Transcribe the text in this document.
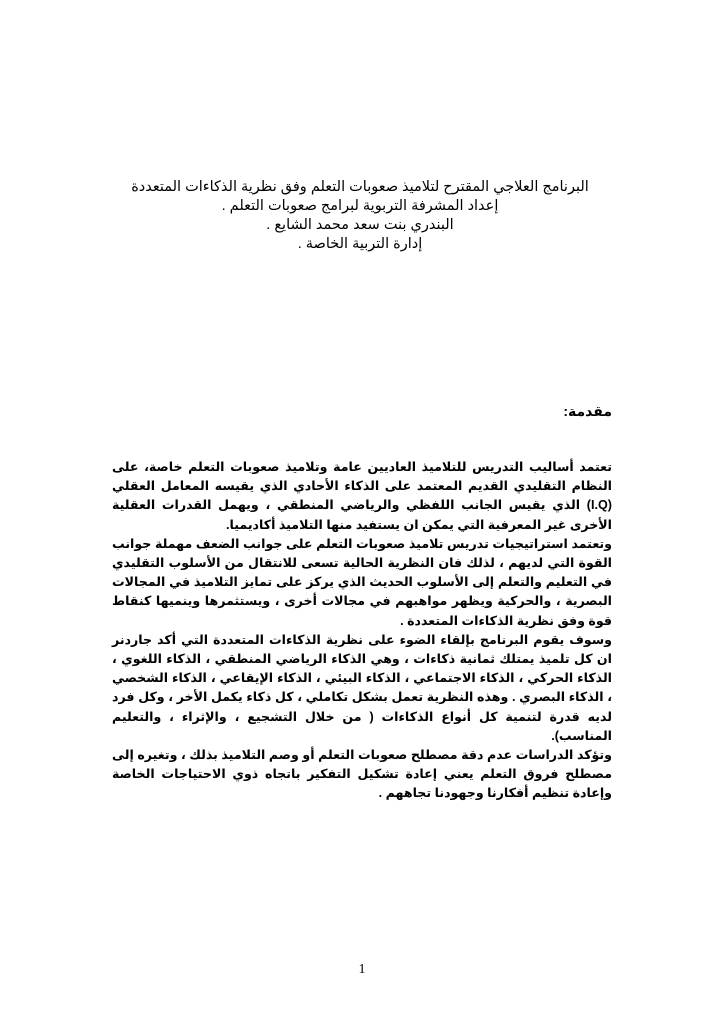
البرنامج العلاجي المقترح لتلاميذ صعوبات التعلم وفق نظرية الذكاءات المتعددة
إعداد المشرفة التربوية لبرامج صعوبات التعلم .
البندري بنت سعد محمد الشايع .
إدارة التربية الخاصة .
مقدمة:

تعتمد أساليب التدريس للتلاميذ العاديين عامة وتلاميذ صعوبات التعلم خاصة، على النظام التقليدي القديم المعتمد على الذكاء الأحادي الذي يقيسه المعامل العقلي (I.Q) الذي يقيس الجانب اللفظي والرياضي المنطقي ، ويهمل القدرات العقلية الأخرى غير المعرفية التي يمكن ان يستفيد منها التلاميذ أكاديميا.

وتعتمد استراتيجيات تدريس تلاميذ صعوبات التعلم على جوانب الضعف مهملة جوانب القوة التي لديهم ، لذلك فان النظرية الحالية تسعى للانتقال من الأسلوب التقليدي في التعليم والتعلم إلى الأسلوب الحديث الذي يركز على تمايز التلاميذ في المجالات البصرية ، والحركية ويظهر مواهبهم في مجالات أخرى ، ويستثمرها وينميها كنقاط قوة وفق نظرية الذكاءات المتعددة .

وسوف يقوم البرنامج بإلقاء الضوء على نظرية الذكاءات المتعددة التي أكد جاردنر ان كل تلميذ يمتلك ثمانية ذكاءات ، وهي الذكاء الرياضي المنطقي ، الذكاء اللغوي ، الذكاء الحركي ، الذكاء الاجتماعي ، الذكاء البيئي ، الذكاء الإيقاعي ، الذكاء الشخصي ، الذكاء البصري . وهذه النظرية تعمل بشكل تكاملي ، كل ذكاء يكمل الأخر ، وكل فرد لديه قدرة لتنمية كل أنواع الذكاءات ( من خلال التشجيع ، والإثراء ، والتعليم المناسب).

وتؤكد الدراسات عدم دقة مصطلح صعوبات التعلم أو وصم التلاميذ بذلك ، وتغيره إلى مصطلح فروق التعلم يعني إعادة تشكيل التفكير باتجاه ذوي الاحتياجات الخاصة وإعادة تنظيم أفكارنا وجهودنا تجاههم .

1
